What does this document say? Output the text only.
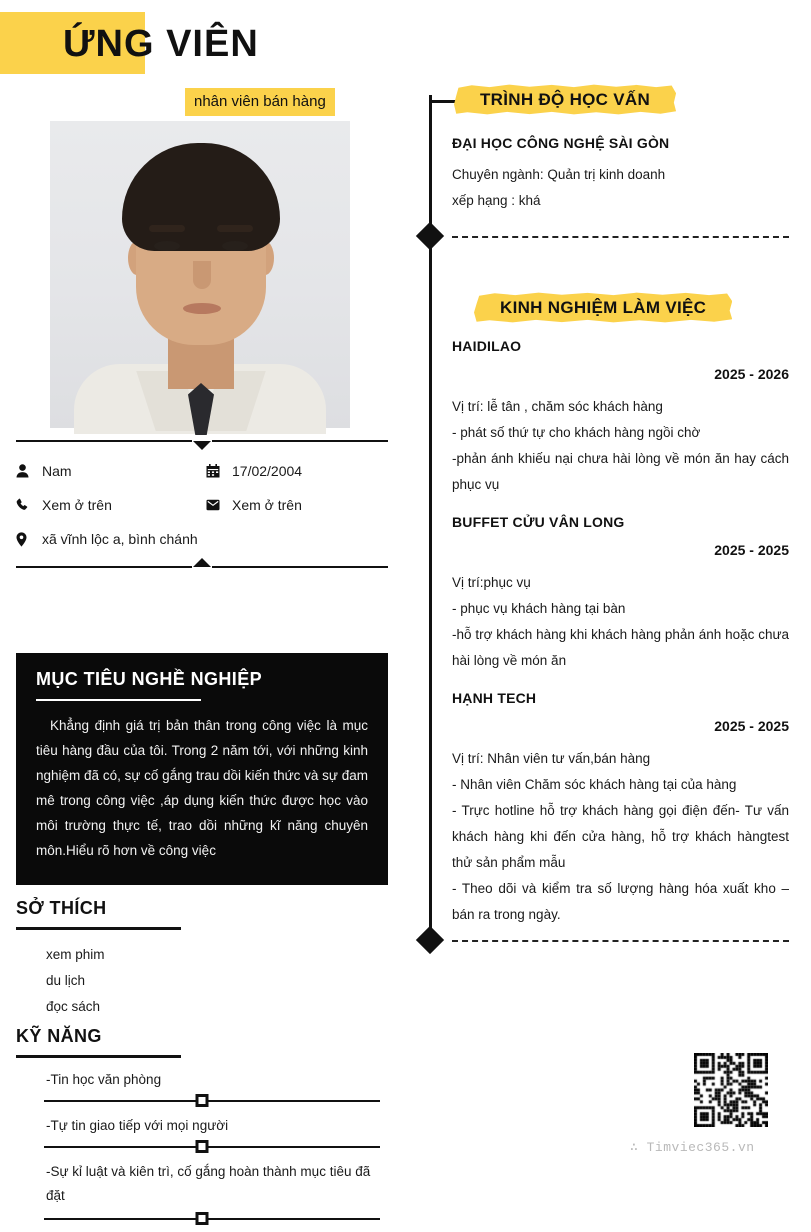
ỨNG VIÊN
nhân viên bán hàng
Nam	17/02/2004
Xem ở trên	Xem ở trên
xã vĩnh lộc a, bình chánh
MỤC TIÊU NGHỀ NGHIỆP
Khẳng định giá trị bản thân trong công việc là mục tiêu hàng đầu của tôi. Trong 2 năm tới, với những kinh nghiệm đã có, sự cố gắng trau dồi kiến thức và sự đam mê trong công việc ,áp dụng kiến thức được học vào môi trường thực tế, trao dồi những kĩ năng chuyên môn.Hiểu rõ hơn về công việc
SỞ THÍCH
xem phim
du lịch
đọc sách
KỸ NĂNG
-Tin học văn phòng
-Tự tin giao tiếp với mọi người
-Sự kỉ luật và kiên trì, cố gắng hoàn thành mục tiêu đã đặt
TRÌNH ĐỘ HỌC VẤN
ĐẠI HỌC CÔNG NGHỆ SÀI GÒN
Chuyên ngành: Quản trị kinh doanh
xếp hạng : khá
KINH NGHIỆM LÀM VIỆC
HAIDILAO
2025 - 2026
Vị trí: lễ tân , chăm sóc khách hàng
- phát số thứ tự cho khách hàng ngồi chờ
-phản ánh khiếu nại chưa hài lòng về món ăn hay cách phục vụ
BUFFET CỬU VÂN LONG
2025 - 2025
Vị trí:phục vụ
- phục vụ khách hàng tại bàn
-hỗ trợ khách hàng khi khách hàng phản ánh hoặc chưa hài lòng về món ăn
HẠNH TECH
2025 - 2025
Vị trí: Nhân viên tư vấn,bán hàng
- Nhân viên Chăm sóc khách hàng tại của hàng
- Trực hotline hỗ trợ khách hàng gọi điện đến- Tư vấn khách hàng khi đến cửa hàng, hỗ trợ khách hàngtest thử sản phẩm mẫu
- Theo dõi và kiểm tra số lượng hàng hóa xuất kho – bán ra trong ngày.
∴ Timviec365.vn
